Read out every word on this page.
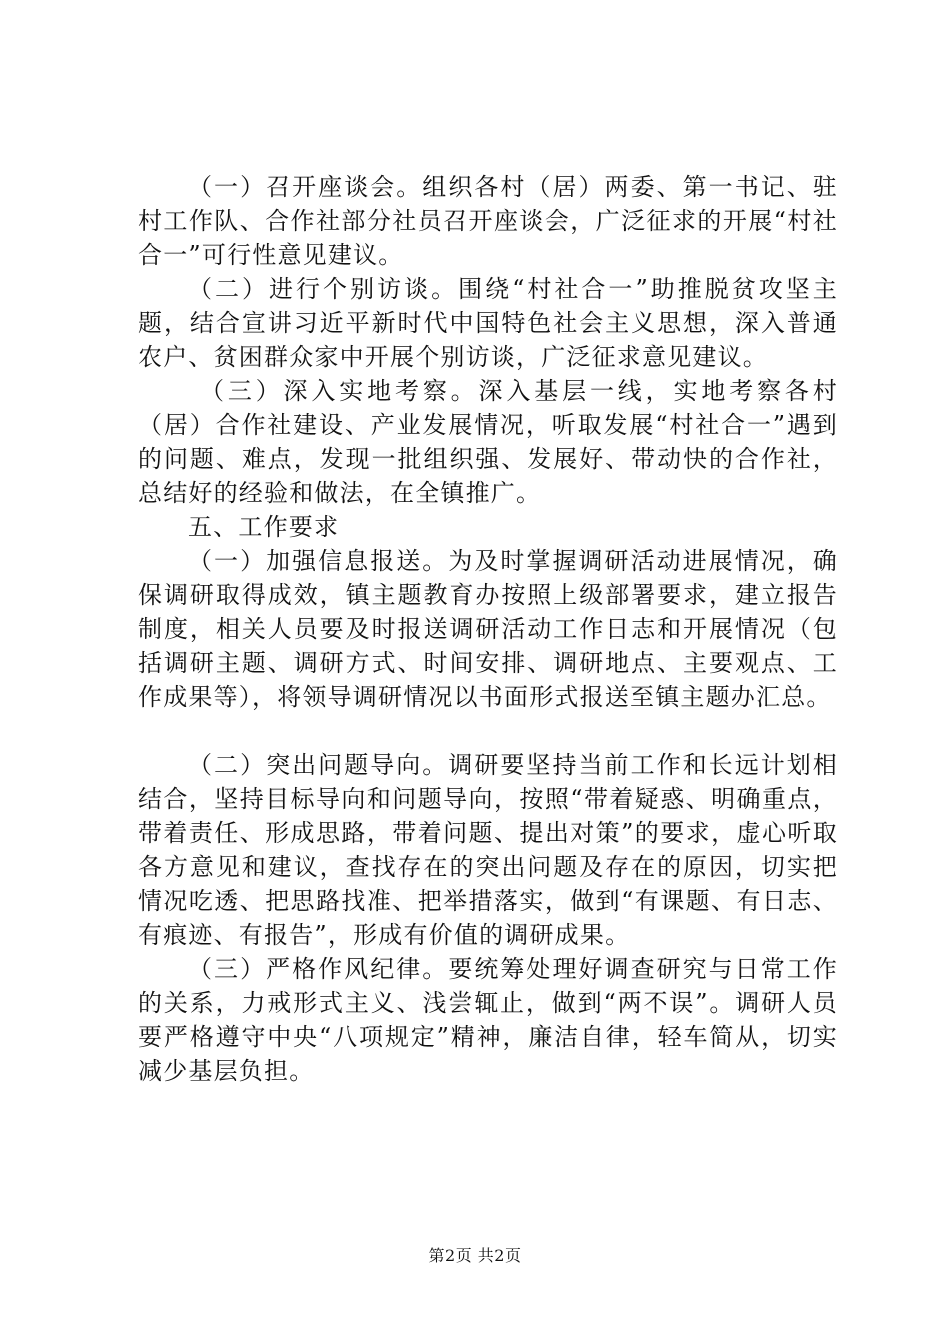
（一）召开座谈会。组织各村（居）两委、第一书记、驻村工作队、合作社部分社员召开座谈会，广泛征求的开展“村社合一”可行性意见建议。

（二）进行个别访谈。围绕“村社合一”助推脱贫攻坚主题，结合宣讲习近平新时代中国特色社会主义思想，深入普通农户、贫困群众家中开展个别访谈，广泛征求意见建议。

（三）深入实地考察。深入基层一线，实地考察各村（居）合作社建设、产业发展情况，听取发展“村社合一”遇到的问题、难点，发现一批组织强、发展好、带动快的合作社，总结好的经验和做法，在全镇推广。

五、工作要求

（一）加强信息报送。为及时掌握调研活动进展情况，确保调研取得成效，镇主题教育办按照上级部署要求，建立报告制度，相关人员要及时报送调研活动工作日志和开展情况（包括调研主题、调研方式、时间安排、调研地点、主要观点、工作成果等），将领导调研情况以书面形式报送至镇主题办汇总。

（二）突出问题导向。调研要坚持当前工作和长远计划相结合，坚持目标导向和问题导向，按照“带着疑惑、明确重点，带着责任、形成思路，带着问题、提出对策”的要求，虚心听取各方意见和建议，查找存在的突出问题及存在的原因，切实把情况吃透、把思路找准、把举措落实，做到“有课题、有日志、有痕迹、有报告”，形成有价值的调研成果。

（三）严格作风纪律。要统筹处理好调查研究与日常工作的关系，力戒形式主义、浅尝辄止，做到“两不误”。调研人员要严格遵守中央“八项规定”精神，廉洁自律，轻车简从，切实减少基层负担。

第2页 共2页
